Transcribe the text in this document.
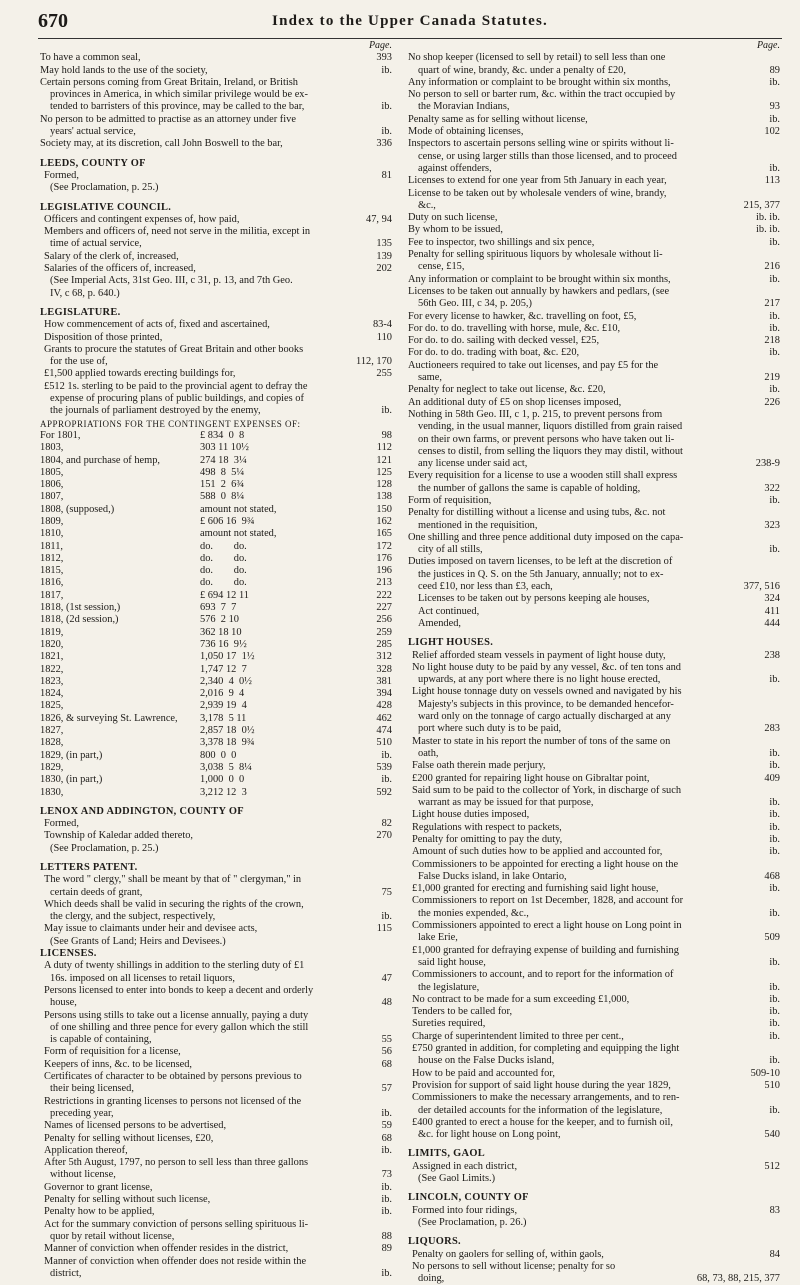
670	Index to the Upper Canada Statutes.
Page.
To have a common seal,	393
May hold lands to the use of the society,	ib.
Certain persons coming from Great Britain, Ireland, or British
provinces in America, in which similar privilege would be ex-
tended to barristers of this province, may be called to the bar,	ib.
No person to be admitted to practise as an attorney under five
years' actual service,	ib.
Society may, at its discretion, call John Boswell to the bar,	336
LEEDS, COUNTY OF
Formed,	81
(See Proclamation, p. 25.)
LEGISLATIVE COUNCIL.
Officers and contingent expenses of, how paid,	47, 94
Members and officers of, need not serve in the militia, except in
time of actual service,	135
Salary of the clerk of, increased,	139
Salaries of the officers of, increased,	202
(See Imperial Acts, 31st Geo. III, c 31, p. 13, and 7th Geo.
IV, c 68, p. 640.)
LEGISLATURE.
How commencement of acts of, fixed and ascertained,	83-4
Disposition of those printed,	110
Grants to procure the statutes of Great Britain and other books
for the use of,	112, 170
£1,500 applied towards erecting buildings for,	255
£512 1s. sterling to be paid to the provincial agent to defray the
expense of procuring plans of public buildings, and copies of
the journals of parliament destroyed by the enemy,	ib.
APPROPRIATIONS FOR THE CONTINGENT EXPENSES OF:
For 1801,	£ 834  0  8	98
1803,	303 11 10½	112
1804, and purchase of hemp,	274 18  3¼	121
1805,	498  8  5¼	125
1806,	151  2  6¾	128
1807,	588  0  8¼	138
1808, (supposed,)	amount not stated,	150
1809,	£ 606 16  9¾	162
1810,	amount not stated,	165
1811,	do.        do.	172
1812,	do.        do.	176
1815,	do.        do.	196
1816,	do.        do.	213
1817,	£ 694 12 11	222
1818, (1st session,)	693  7  7	227
1818, (2d session,)	576  2 10	256
1819,	362 18 10	259
1820,	736 16  9½	285
1821,	1,050 17  1½	312
1822,	1,747 12  7	328
1823,	2,340  4  0½	381
1824,	2,016  9  4	394
1825,	2,939 19  4	428
1826, & surveying St. Lawrence, 3,178  5 11	462
1827,	2,857 18  0½	474
1828,	3,378 18  9¾	510
1829, (in part,)	800  0  0	ib.
1829,	3,038  5  8¼	539
1830, (in part,)	1,000  0  0	ib.
1830,	3,212 12  3	592
LENOX AND ADDINGTON, COUNTY OF
Formed,	82
Township of Kaledar added thereto,	270
(See Proclamation, p. 25.)
LETTERS PATENT.
The word " clergy," shall be meant by that of " clergyman," in
certain deeds of grant,	75
Which deeds shall be valid in securing the rights of the crown,
the clergy, and the subject, respectively,	ib.
May issue to claimants under heir and devisee acts,	115
(See Grants of Land; Heirs and Devisees.)
LICENSES.
A duty of twenty shillings in addition to the sterling duty of £1
16s. imposed on all licenses to retail liquors,	47
Persons licensed to enter into bonds to keep a decent and orderly
house,	48
Persons using stills to take out a license annually, paying a duty
of one shilling and three pence for every gallon which the still
is capable of containing,	55
Form of requisition for a license,	56
Keepers of inns, &c. to be licensed,	68
Certificates of character to be obtained by persons previous to
their being licensed,	57
Restrictions in granting licenses to persons not licensed of the
preceding year,	ib.
Names of licensed persons to be advertised,	59
Penalty for selling without licenses, £20,	68
Application thereof,	ib.
After 5th August, 1797, no person to sell less than three gallons
without license,	73
Governor to grant license,	ib.
Penalty for selling without such license,	ib.
Penalty how to be applied,	ib.
Act for the summary conviction of persons selling spirituous li-
quor by retail without license,	88
Manner of conviction when offender resides in the district,	89
Manner of conviction when offender does not reside within the
district,	ib.
Page.
No shop keeper (licensed to sell by retail) to sell less than one
quart of wine, brandy, &c. under a penalty of £20,	89
Any information or complaint to be brought within six months,	ib.
No person to sell or barter rum, &c. within the tract occupied by
the Moravian Indians,	93
Penalty same as for selling without license,	ib.
Mode of obtaining licenses,	102
Inspectors to ascertain persons selling wine or spirits without li-
cense, or using larger stills than those licensed, and to proceed
against offenders,	ib.
Licenses to extend for one year from 5th January in each year,	113
License to be taken out by wholesale venders of wine, brandy,
&c.,	215, 377
Duty on such license,	ib. ib.
By whom to be issued,	ib. ib.
Fee to inspector, two shillings and six pence,	ib.
Penalty for selling spirituous liquors by wholesale without li-
cense, £15,	216
Any information or complaint to be brought within six months,	ib.
Licenses to be taken out annually by hawkers and pedlars, (see
56th Geo. III, c 34, p. 205,)	217
For every license to hawker, &c. travelling on foot, £5,	ib.
For do. to do. travelling with horse, mule, &c. £10,	ib.
For do. to do. sailing with decked vessel, £25,	218
For do. to do. trading with boat, &c. £20,	ib.
Auctioneers required to take out licenses, and pay £5 for the
same,	219
Penalty for neglect to take out license, &c. £20,	ib.
An additional duty of £5 on shop licenses imposed,	226
Nothing in 58th Geo. III, c 1, p. 215, to prevent persons from
vending, in the usual manner, liquors distilled from grain raised
on their own farms, or prevent persons who have taken out li-
censes to distil, from selling the liquors they may distil, without
any license under said act,	238-9
Every requisition for a license to use a wooden still shall express
the number of gallons the same is capable of holding,	322
Form of requisition,	ib.
Penalty for distilling without a license and using tubs, &c. not
mentioned in the requisition,	323
One shilling and three pence additional duty imposed on the capa-
city of all stills,	ib.
Duties imposed on tavern licenses, to be left at the discretion of
the justices in Q. S. on the 5th January, annually; not to ex-
ceed £10, nor less than £3, each,	377, 516
Licenses to be taken out by persons keeping ale houses,	324
Act continued,	411
Amended,	444
LIGHT HOUSES.
Relief afforded steam vessels in payment of light house duty,	238
No light house duty to be paid by any vessel, &c. of ten tons and
upwards, at any port where there is no light house erected,	ib.
Light house tonnage duty on vessels owned and navigated by his
Majesty's subjects in this province, to be demanded hencefor-
ward only on the tonnage of cargo actually discharged at any
port where such duty is to be paid,	283
Master to state in his report the number of tons of the same on
oath,	ib.
False oath therein made perjury,	ib.
£200 granted for repairing light house on Gibraltar point,	409
Said sum to be paid to the collector of York, in discharge of such
warrant as may be issued for that purpose,	ib.
Light house duties imposed,	ib.
Regulations with respect to packets,	ib.
Penalty for omitting to pay the duty,	ib.
Amount of such duties how to be applied and accounted for,	ib.
Commissioners to be appointed for erecting a light house on the
False Ducks island, in lake Ontario,	468
£1,000 granted for erecting and furnishing said light house,	ib.
Commissioners to report on 1st December, 1828, and account for
the monies expended, &c.,	ib.
Commissioners appointed to erect a light house on Long point in
lake Erie,	509
£1,000 granted for defraying expense of building and furnishing
said light house,	ib.
Commissioners to account, and to report for the information of
the legislature,	ib.
No contract to be made for a sum exceeding £1,000,	ib.
Tenders to be called for,	ib.
Sureties required,	ib.
Charge of superintendent limited to three per cent.,	ib.
£750 granted in addition, for completing and equipping the light
house on the False Ducks island,	ib.
How to be paid and accounted for,	509-10
Provision for support of said light house during the year 1829,	510
Commissioners to make the necessary arrangements, and to ren-
der detailed accounts for the information of the legislature,	ib.
£400 granted to erect a house for the keeper, and to furnish oil,
&c. for light house on Long point,	540
LIMITS, GAOL
Assigned in each district,	512
(See Gaol Limits.)
LINCOLN, COUNTY OF
Formed into four ridings,	83
(See Proclamation, p. 26.)
LIQUORS.
Penalty on gaolers for selling of, within gaols,	84
No persons to sell without license; penalty for so
doing,	68, 73, 88, 215, 377
